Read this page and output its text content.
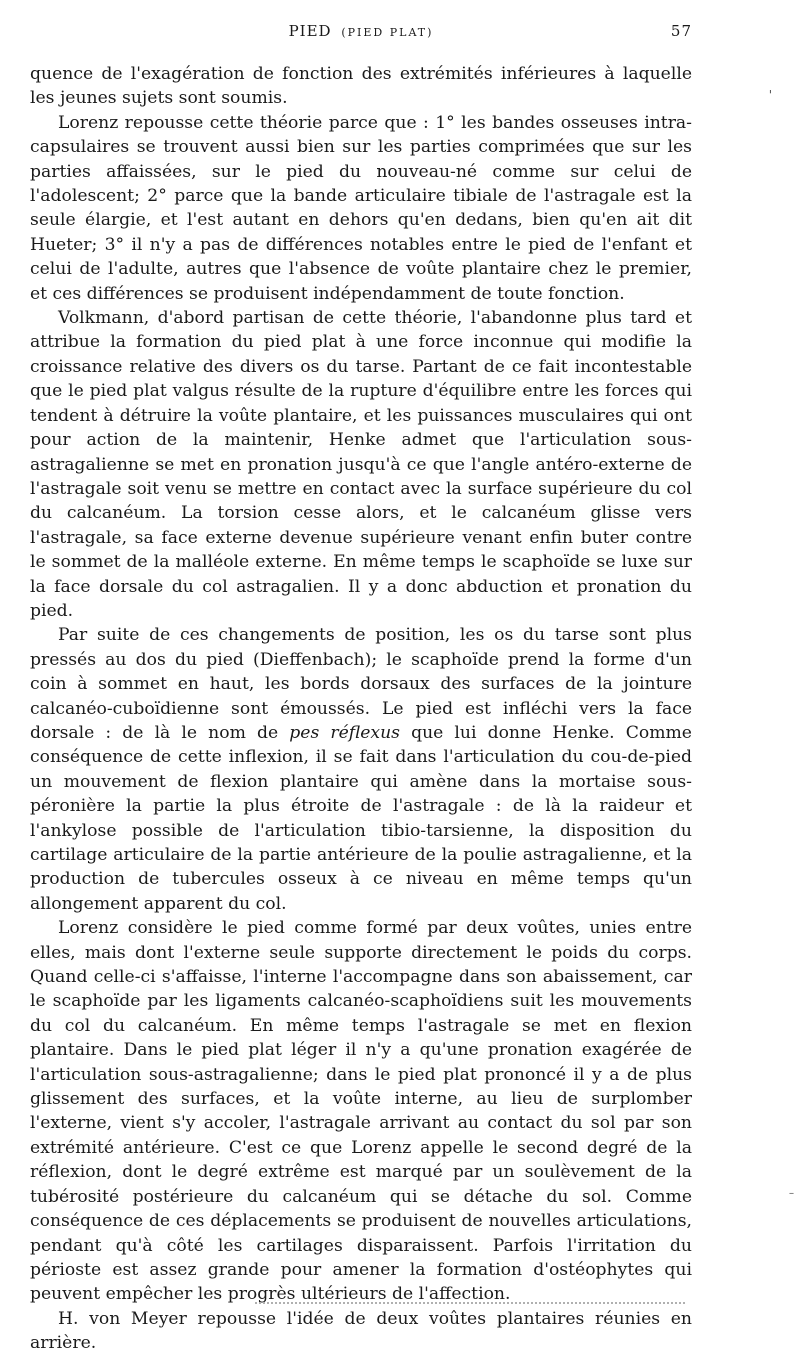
PIED (PIED PLAT)	57

quence de l'exagération de fonction des extrémités inférieures à laquelle les jeunes sujets sont soumis.

Lorenz repousse cette théorie parce que : 1° les bandes osseuses intra-capsulaires se trouvent aussi bien sur les parties comprimées que sur les parties affaissées, sur le pied du nouveau-né comme sur celui de l'adolescent; 2° parce que la bande articulaire tibiale de l'astragale est la seule élargie, et l'est autant en dehors qu'en dedans, bien qu'en ait dit Hueter; 3° il n'y a pas de différences notables entre le pied de l'enfant et celui de l'adulte, autres que l'absence de voûte plantaire chez le premier, et ces différences se produisent indépendamment de toute fonction.

Volkmann, d'abord partisan de cette théorie, l'abandonne plus tard et attribue la formation du pied plat à une force inconnue qui modifie la croissance relative des divers os du tarse. Partant de ce fait incontestable que le pied plat valgus résulte de la rupture d'équilibre entre les forces qui tendent à détruire la voûte plantaire, et les puissances musculaires qui ont pour action de la maintenir, Henke admet que l'articulation sous-astragalienne se met en pronation jusqu'à ce que l'angle antéro-externe de l'astragale soit venu se mettre en contact avec la surface supérieure du col du calcanéum. La torsion cesse alors, et le calcanéum glisse vers l'astragale, sa face externe devenue supérieure venant enfin buter contre le sommet de la malléole externe. En même temps le scaphoïde se luxe sur la face dorsale du col astragalien. Il y a donc abduction et pronation du pied.

Par suite de ces changements de position, les os du tarse sont plus pressés au dos du pied (Dieffenbach); le scaphoïde prend la forme d'un coin à sommet en haut, les bords dorsaux des surfaces de la jointure calcanéo-cuboïdienne sont émoussés. Le pied est infléchi vers la face dorsale : de là le nom de pes réflexus que lui donne Henke. Comme conséquence de cette inflexion, il se fait dans l'articulation du cou-de-pied un mouvement de flexion plantaire qui amène dans la mortaise sous-péronière la partie la plus étroite de l'astragale : de là la raideur et l'ankylose possible de l'articulation tibio-tarsienne, la disposition du cartilage articulaire de la partie antérieure de la poulie astragalienne, et la production de tubercules osseux à ce niveau en même temps qu'un allongement apparent du col.

Lorenz considère le pied comme formé par deux voûtes, unies entre elles, mais dont l'externe seule supporte directement le poids du corps. Quand celle-ci s'affaisse, l'interne l'accompagne dans son abaissement, car le scaphoïde par les ligaments calcanéo-scaphoïdiens suit les mouvements du col du calcanéum. En même temps l'astragale se met en flexion plantaire. Dans le pied plat léger il n'y a qu'une pronation exagérée de l'articulation sous-astragalienne; dans le pied plat prononcé il y a de plus glissement des surfaces, et la voûte interne, au lieu de surplomber l'externe, vient s'y accoler, l'astragale arrivant au contact du sol par son extrémité antérieure. C'est ce que Lorenz appelle le second degré de la réflexion, dont le degré extrême est marqué par un soulèvement de la tubérosité postérieure du calcanéum qui se détache du sol. Comme conséquence de ces déplacements se produisent de nouvelles articulations, pendant qu'à côté les cartilages disparaissent. Parfois l'irritation du périoste est assez grande pour amener la formation d'ostéophytes qui peuvent empêcher les progrès ultérieurs de l'affection.

H. von Meyer repousse l'idée de deux voûtes plantaires réunies en arrière.

'
–
